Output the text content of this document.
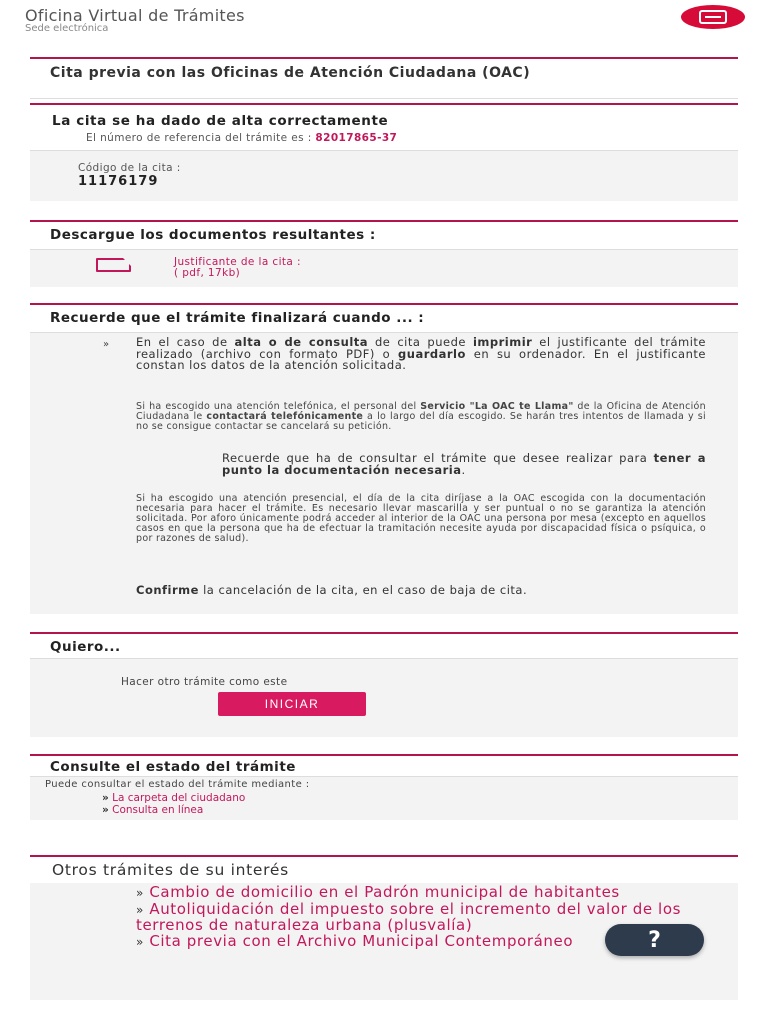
Oficina Virtual de Trámites
Sede electrónica
Cita previa con las Oficinas de Atención Ciudadana (OAC)
La cita se ha dado de alta correctamente
El número de referencia del trámite es : 82017865-37
Código de la cita :
11176179
Descargue los documentos resultantes :
Justificante de la cita :
( pdf, 17kb)
Recuerde que el trámite finalizará cuando ... :
» En el caso de alta o de consulta de cita puede imprimir el justificante del trámite realizado (archivo con formato PDF) o guardarlo en su ordenador. En el justificante constan los datos de la atención solicitada.
Si ha escogido una atención telefónica, el personal del Servicio "La OAC te Llama" de la Oficina de Atención Ciudadana le contactará telefónicamente a lo largo del día escogido. Se harán tres intentos de llamada y si no se consigue contactar se cancelará su petición.
Recuerde que ha de consultar el trámite que desee realizar para tener a punto la documentación necesaria.
Si ha escogido una atención presencial, el día de la cita diríjase a la OAC escogida con la documentación necesaria para hacer el trámite. Es necesario llevar mascarilla y ser puntual o no se garantiza la atención solicitada. Por aforo únicamente podrá acceder al interior de la OAC una persona por mesa (excepto en aquellos casos en que la persona que ha de efectuar la tramitación necesite ayuda por discapacidad física o psíquica, o por razones de salud).
Confirme la cancelación de la cita, en el caso de baja de cita.
Quiero...
Hacer otro trámite como este
INICIAR
Consulte el estado del trámite
Puede consultar el estado del trámite mediante :
» La carpeta del ciudadano
» Consulta en línea
Otros trámites de su interés
» Cambio de domicilio en el Padrón municipal de habitantes
» Autoliquidación del impuesto sobre el incremento del valor de los terrenos de naturaleza urbana (plusvalía)
» Cita previa con el Archivo Municipal Contemporáneo	?
